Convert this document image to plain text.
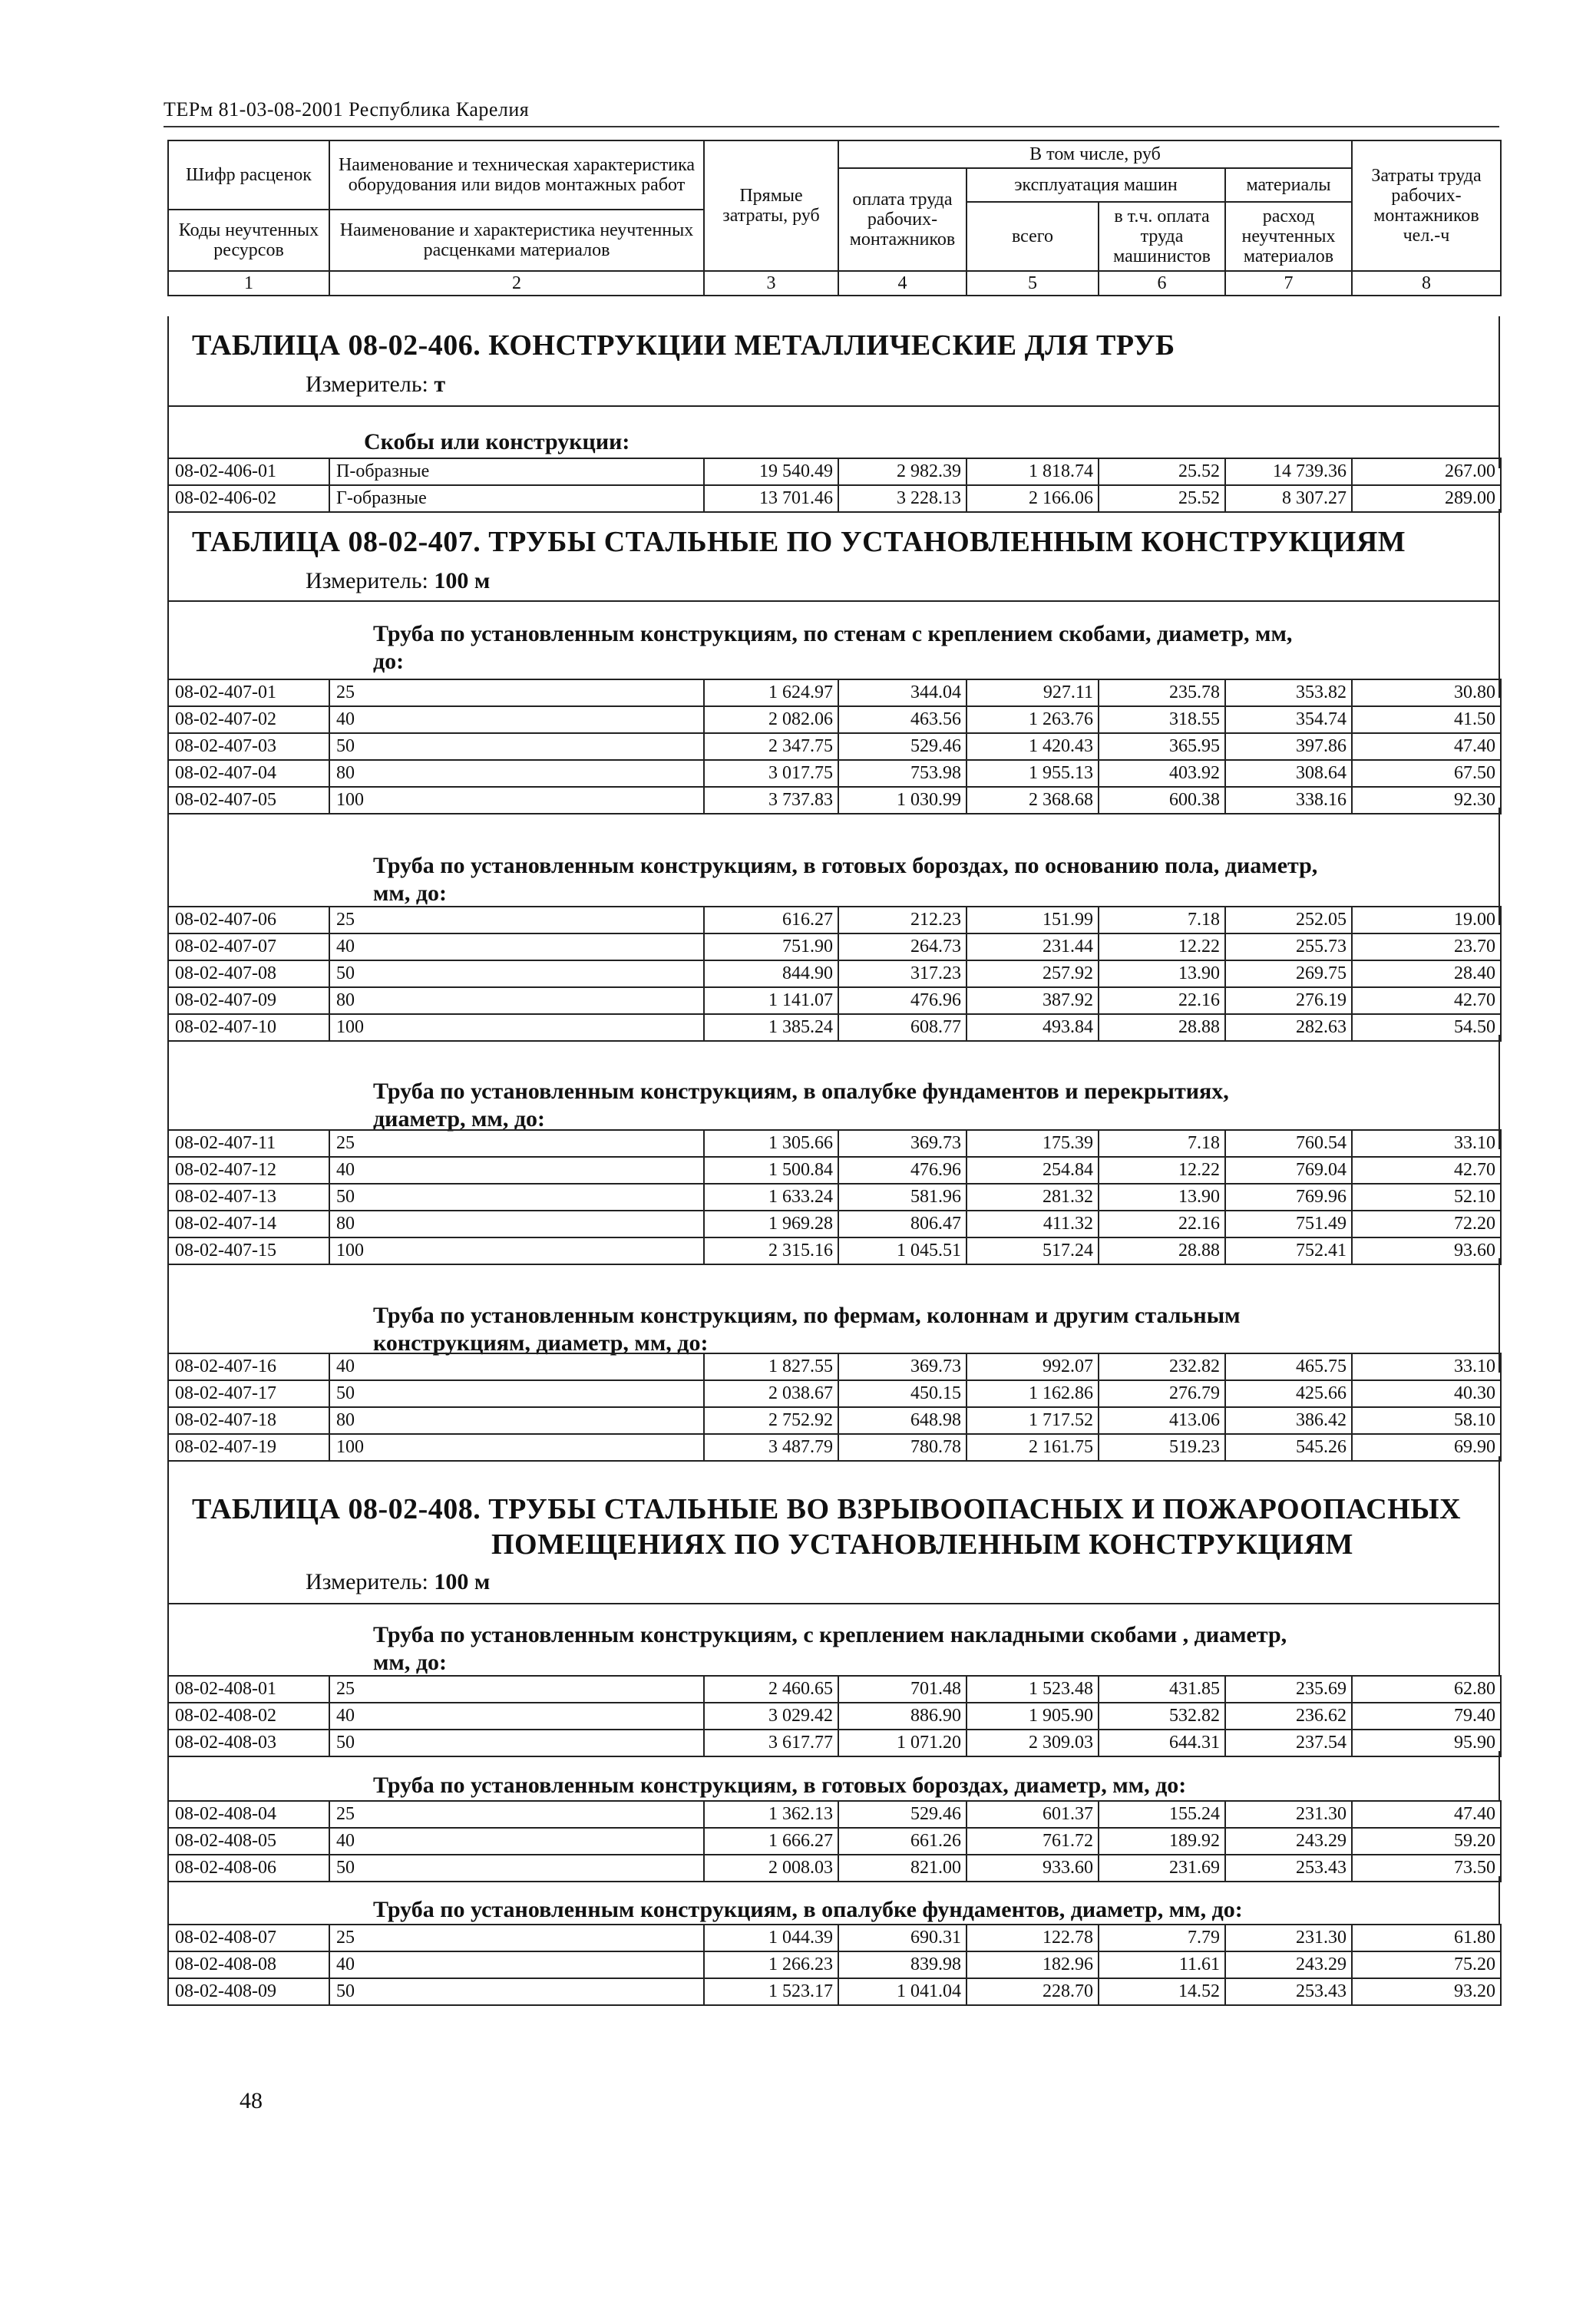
ТЕРм 81-03-08-2001 Республика Карелия
Шифр расценок	Наименование и техническая характеристика оборудования или видов монтажных работ	Прямые затраты, руб	В том числе, руб				Затраты труда рабочих-монтажников чел.-ч
			оплата труда рабочих-монтажников	эксплуатация машин		материалы	
				всего	в т.ч. оплата труда машинистов	расход неучтенных материалов	
Коды неучтенных ресурсов	Наименование и характеристика неучтенных расценками материалов						

1	2	3	4	5	6	7	8
ТАБЛИЦА 08-02-406. КОНСТРУКЦИИ МЕТАЛЛИЧЕСКИЕ ДЛЯ ТРУБ
Измеритель: т
Скобы или конструкции:
08-02-406-01	П-образные	19 540.49	2 982.39	1 818.74	25.52	14 739.36	267.00
08-02-406-02	Г-образные	13 701.46	3 228.13	2 166.06	25.52	8 307.27	289.00
ТАБЛИЦА 08-02-407. ТРУБЫ СТАЛЬНЫЕ ПО УСТАНОВЛЕННЫМ КОНСТРУКЦИЯМ
Измеритель: 100 м
Труба по установленным конструкциям, по стенам с креплением скобами, диаметр, мм,
до:
08-02-407-01	25	1 624.97	344.04	927.11	235.78	353.82	30.80
08-02-407-02	40	2 082.06	463.56	1 263.76	318.55	354.74	41.50
08-02-407-03	50	2 347.75	529.46	1 420.43	365.95	397.86	47.40
08-02-407-04	80	3 017.75	753.98	1 955.13	403.92	308.64	67.50
08-02-407-05	100	3 737.83	1 030.99	2 368.68	600.38	338.16	92.30
Труба по установленным конструкциям, в готовых бороздах, по основанию пола, диаметр,
мм, до:
08-02-407-06	25	616.27	212.23	151.99	7.18	252.05	19.00
08-02-407-07	40	751.90	264.73	231.44	12.22	255.73	23.70
08-02-407-08	50	844.90	317.23	257.92	13.90	269.75	28.40
08-02-407-09	80	1 141.07	476.96	387.92	22.16	276.19	42.70
08-02-407-10	100	1 385.24	608.77	493.84	28.88	282.63	54.50
Труба по установленным конструкциям, в опалубке фундаментов и перекрытиях,
диаметр, мм, до:
08-02-407-11	25	1 305.66	369.73	175.39	7.18	760.54	33.10
08-02-407-12	40	1 500.84	476.96	254.84	12.22	769.04	42.70
08-02-407-13	50	1 633.24	581.96	281.32	13.90	769.96	52.10
08-02-407-14	80	1 969.28	806.47	411.32	22.16	751.49	72.20
08-02-407-15	100	2 315.16	1 045.51	517.24	28.88	752.41	93.60
Труба по установленным конструкциям, по фермам, колоннам и другим стальным
конструкциям, диаметр, мм, до:
08-02-407-16	40	1 827.55	369.73	992.07	232.82	465.75	33.10
08-02-407-17	50	2 038.67	450.15	1 162.86	276.79	425.66	40.30
08-02-407-18	80	2 752.92	648.98	1 717.52	413.06	386.42	58.10
08-02-407-19	100	3 487.79	780.78	2 161.75	519.23	545.26	69.90
ТАБЛИЦА 08-02-408. ТРУБЫ СТАЛЬНЫЕ ВО ВЗРЫВООПАСНЫХ И ПОЖАРООПАСНЫХ
ПОМЕЩЕНИЯХ ПО УСТАНОВЛЕННЫМ КОНСТРУКЦИЯМ
Измеритель: 100 м
Труба по установленным конструкциям, с креплением накладными скобами , диаметр,
мм, до:
08-02-408-01	25	2 460.65	701.48	1 523.48	431.85	235.69	62.80
08-02-408-02	40	3 029.42	886.90	1 905.90	532.82	236.62	79.40
08-02-408-03	50	3 617.77	1 071.20	2 309.03	644.31	237.54	95.90
Труба по установленным конструкциям, в готовых бороздах, диаметр, мм, до:
08-02-408-04	25	1 362.13	529.46	601.37	155.24	231.30	47.40
08-02-408-05	40	1 666.27	661.26	761.72	189.92	243.29	59.20
08-02-408-06	50	2 008.03	821.00	933.60	231.69	253.43	73.50
Труба по установленным конструкциям, в опалубке фундаментов, диаметр, мм, до:
08-02-408-07	25	1 044.39	690.31	122.78	7.79	231.30	61.80
08-02-408-08	40	1 266.23	839.98	182.96	11.61	243.29	75.20
08-02-408-09	50	1 523.17	1 041.04	228.70	14.52	253.43	93.20
48
